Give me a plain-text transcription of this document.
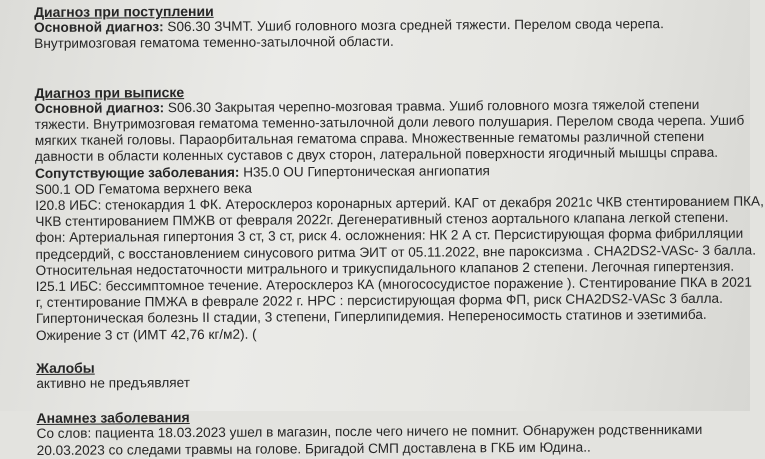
Диагноз при поступлении
Основной диагноз: S06.30 ЗЧМТ. Ушиб головного мозга средней тяжести. Перелом свода черепа.
Внутримозговая гематома теменно-затылочной области.
Диагноз при выписке
Основной диагноз: S06.30 Закрытая черепно-мозговая травма. Ушиб головного мозга тяжелой степени
тяжести. Внутримозговая гематома теменно-затылочной доли левого полушария. Перелом свода черепа. Ушиб
мягких тканей головы. Параорбитальная гематома справа. Множественные гематомы различной степени
давности в области коленных суставов с двух сторон, латеральной поверхности ягодичный мышцы справа.
Сопутствующие заболевания: H35.0 OU Гипертоническая ангиопатия
S00.1 OD Гематома верхнего века
I20.8 ИБС: стенокардия 1 ФК. Атеросклероз коронарных артерий. КАГ от декабря 2021с ЧКВ стентированием ПКА,
ЧКВ стентированием ПМЖВ от февраля 2022г. Дегенеративный стеноз аортального клапана легкой степени.
фон: Артериальная гипертония 3 ст, 3 ст, риск 4. осложнения: НК 2 А ст. Персистирующая форма фибрилляции
предсердий, с восстановлением синусового ритма ЭИТ от 05.11.2022, вне пароксизма . CHA2DS2-VASc- 3 балла.
Относительная недостаточности митрального и трикуспидального клапанов 2 степени. Легочная гипертензия.
I25.1 ИБС: бессимптомное течение. Атеросклероз КА (многососудистое поражение ). Стентирование ПКА в 2021
г, стентирование ПМЖА в феврале 2022 г. НРС : персистирующая форма ФП, риск CHA2DS2-VASc 3 балла.
Гипертоническая болезнь II стадии, 3 степени, Гиперлипидемия. Непереносимость статинов и эзетимиба.
Ожирение 3 ст (ИМТ 42,76 кг/м2). (
Жалобы
активно не предъявляет
Анамнез заболевания
Со слов: пациента 18.03.2023 ушел в магазин, после чего ничего не помнит. Обнаружен родственниками
20.03.2023 со следами травмы на голове. Бригадой СМП доставлена в ГКБ им Юдина..
